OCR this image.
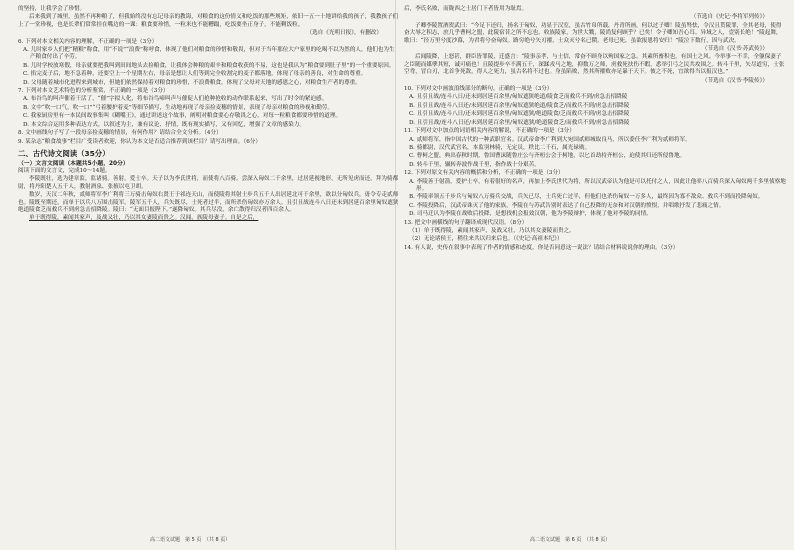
的坚持，让我学会了珍惜。

后来我到了城里，虽然不再种粮了，但我始终没有忘记母亲的教诲，对粮食的这份情义和吃饭的那些规矩，依旧一五一十地讲给我的孩子，我教孩子们上了一堂珍视，也是长辈们常常挂在嘴边的一课：粮食要珍惜，一粒米也不能糟蹋，吃饭要坐正身子，不能剩饭粒。

（选自《光明日报》，有删改）

6. 下列对本文相关内容的理解，不正确的一项是（3分）

A. 儿时家乡人们把“精粮”称食，用“不说”“浪费”称呼食，体现了他们对粮食的珍惜和敬畏，但对于当年那位大户家里的吃喝不以为然的人，他们也为生产粮食付出了辛劳。

B. 儿时学校放寒假，母亲就要把我叫到田间地头去捡粮食，让我体会种粮的艰辛和粮食收获的不易，这也是我认为“粮食要到肚子里”的一个重要原因。

C. 掐完麦子后，地不急着种，还要空上一个星期左右，母亲是想让人们等到完全收割完的麦子都落地，体现了母亲的善良，对生命的尊重。

D. 父母随着城市化进程来到城市，但她们依然保持着对粮食的珍惜，不浪费粮食，体现了父母对天地的感恩之心，对粮食生产者的尊重。

7. 下列对本文艺术特色的分析鉴赏，不正确的一项是（3分）

A. 布谷鸟的叫声催着干活了，“催”字拟人化，将布谷鸟啼叫声与催促人们抢种抢收的动作联系起来，写出了时令的紧迫感。

B. 文中“吹一口气，吹一口”“弓着腰护着麦”等细节描写，生动地再现了母亲捡麦穗的情景，表现了母亲对粮食的珍视和勤劳。

C. 我家厨房里有一本民间故事集叫《糊嘴王》，通过讲述这个故事，阐明对粮食要心存敬畏之心，对每一粒粮食都要珍惜的道理。

D. 本文综合运用多种表达方式，以叙述为主，兼有议论、抒情，既有现实描写，又有回忆，增强了文章的感染力。

8. 文中画线句子写了一段母亲捡麦穗的情景，有何作用？请结合全文分析。（4分）

9. 某杂志“粮食故事”栏目广受读者欢迎，你认为本文是否适合推荐到该栏目？请写出理由。（6分）

二、古代诗文阅读（35分）
（一）文言文阅读（本题共5小题，20分）

阅读下面的文言文，完成10～14题。

李陵既壮，选为建章监，监诸骑。善射，爱士卒。天子以为李氏世将，而使将八百骑。尝深入匈奴二千余里，过居延视地形，无所见虏而还。拜为骑都尉，将丹阳楚人五千人，教射酒泉、张掖以屯卫胡。

数岁，天汉二年秋，贰师将军李广利将三万骑击匈奴右贤王于祁连天山，而使陵将其射士步兵五千人出居延北可千余里，欲以分匈奴兵，毋令专走贰师也。陵既至期还，而单于以兵八万围击陵军。陵军五千人，兵矢既尽，士死者过半，而所杀伤匈奴亦万余人。且引且战连斗八日还未到居延百余里匈奴遮狭绝道陵食乏而救兵不到虏急击招降陵。陵曰：“无面目报陛下。”遂降匈奴。其兵尽没，余亡散得归汉者四百余人。

单于既得陵，素闻其家声，及战又壮，乃以其女妻陵而贵之。汉闻，族陵母妻子。自是之后，

后，李氏名败，而陇西之士居门下者皆用为耻焉。

（节选自《史记·李将军列传》）

子卿李陵置酒贺武曰：“今足下还归，扬名于匈奴，功显于汉室，虽古竹帛所载，丹青所画，何以过子卿！陵虽驽怯，令汉且贳陵罪，全其老母，使得奋大辱之积志，庶几乎曹柯之盟，此陵宿昔之所不忘也。收族陵家，为世大戮，陵尚复何顾乎？已矣！令子卿知吾心耳。异域之人，壹别长绝！”陵起舞，歌曰：“径万里兮度沙幕，为君将兮奋匈奴。路穷绝兮矢刃摧，士众灭兮名已隤。老母已死，虽欲报恩将安归！”陵泣下数行，因与武决。

（节选自《汉书·苏武传》）

后闻陵降，上怒甚，群臣皆罪陵，迁盛言：“陵事亲孝，与士信，常奋不顾身以殉国家之急。其素所畜积也，有国士之风。今举事一不幸，全躯保妻子之臣随而媒孽其短，诚可痛也！且陵提步卒不满五千，深蹂戎马之地，抑数万之师，虏救死扶伤不暇，悉举引弓之民共攻围之。转斗千里，矢尽道穷，士张空弮，冒白刃，北首争死敌，得人之死力，虽古名将不过也。身虽陷败，然其所摧败亦足暴于天下。彼之不死，宜欲得当以报汉也。”

（节选自《汉书·李陵传》）

10. 下列对文中画波浪线部分的断句，正确的一项是（3分）

A. 且引且战/连斗八日/还未到居延百余里/匈奴遮狭绝道/陵食乏而救兵不到/虏急击招降陵

B. 且引且战/连斗八日还/未到居延百余里/匈奴遮狭绝道/陵食乏/而救兵不到/虏急击招降陵

C. 且引且战/连斗八日/还未到居延百余里/匈奴遮狭/绝道陵食/乏而救兵不到/虏急击招降陵

D. 且引且战/连斗八日还/未到居延百余里/匈奴遮狭/绝道陵食乏/而救兵不到/虏急击招降陵

11. 下列对文中加点的词语相关内容的解说，不正确的一项是（3分）

A. 贰师将军，指中国古代的一种武职官名。汉武帝命李广利到大宛国贰师城取良马，所以委任李广利为贰师将军。

B. 骑都尉，汉代武官名，本监羽林骑，无定员，秩比二千石，属光禄勋。

C. 曹柯之盟，典出春秋时期，鲁国曹沫随鲁庄公与齐桓公会于柯地，以匕首劫持齐桓公，迫使其归还所侵鲁地。

D. 转斗千里，辗转奔波作战千里，指作战十分艰苦。

12. 下列对原文有关内容的概括和分析，不正确的一项是（3分）

A. 李陵善于射箭，爱护士卒，有着很好的名声，再加上李氏世代为将，所以汉武帝认为他是可以托付之人，因此让他率八百骑兵深入匈奴两千多里侦察地形。

B. 李陵率领五千步兵与匈奴八万骑兵交战，兵矢已尽，士兵死亡过半，但他们也杀伤匈奴一万多人，最终因为寡不敌众、救兵不到而投降匈奴。

C. 李陵投降后，汉武帝诛灭了他的家族，李陵在与苏武告别时表达了自己投降的无奈和对汉朝的愤恨，并唱歌抒发了悲痛之情。

D. 司马迁认为李陵在战败后投降，是想找机会报效汉朝，他为李陵辩护，体现了他对李陵的同情。

13. 把文中画横线的句子翻译成现代汉语。（8分）

（1）单于既得陵，素闻其家声，及战又壮，乃以其女妻陵而贵之。

（2）无论诸侯王，稍往来共以归来后也。（《史记·高祖本纪》）

14. 有人说，史传在叙事中表现了作者的情感和态度，你是否同意这一说法？请结合材料说说你的理由。（3分）

高二语文试题　第 5 页　（共 8 页）	高二语文试题　第 6 页　（共 8 页）
